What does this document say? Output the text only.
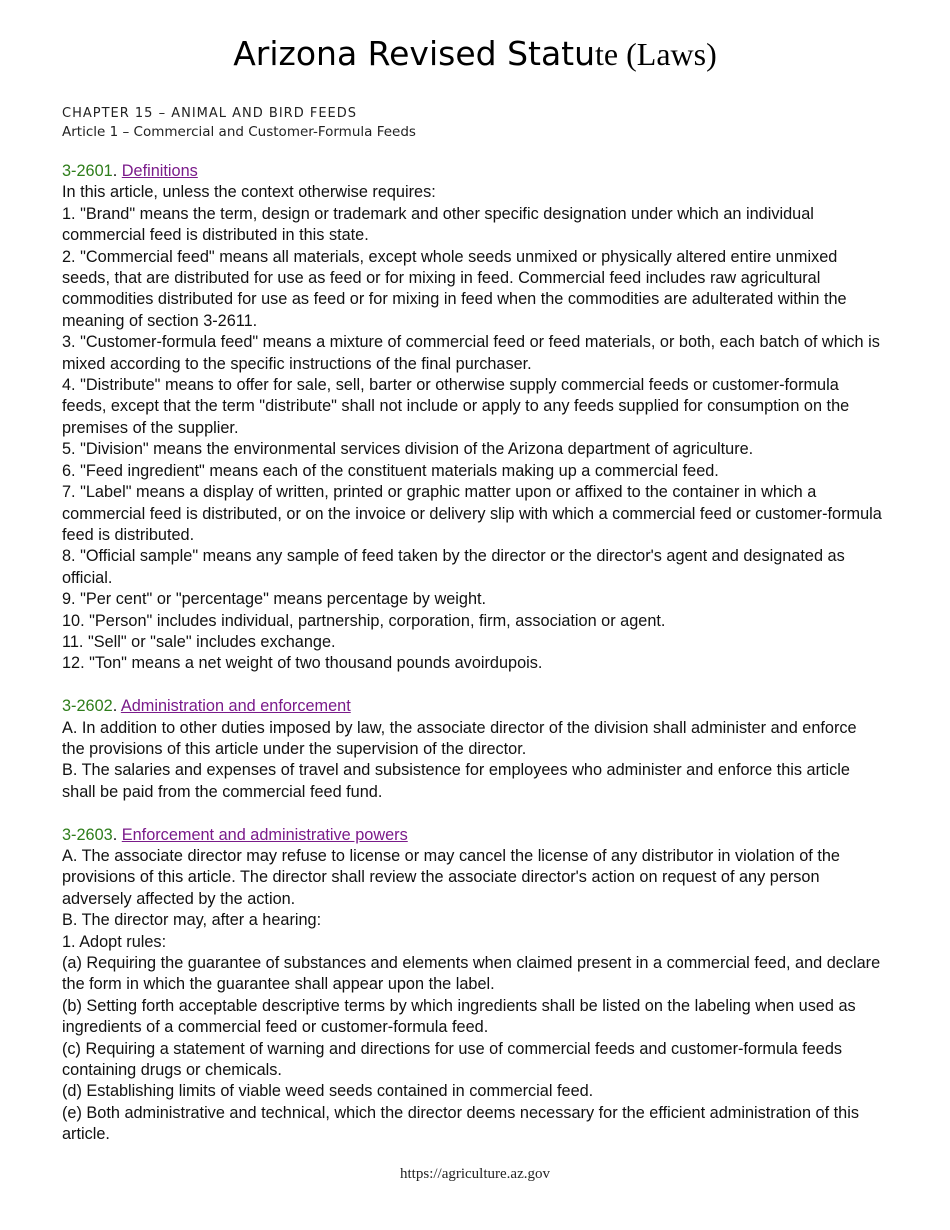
Arizona Revised Statute (Laws)
CHAPTER 15 – ANIMAL AND BIRD FEEDS
Article 1 – Commercial and Customer-Formula Feeds
3-2601. Definitions

In this article, unless the context otherwise requires:

1. "Brand" means the term, design or trademark and other specific designation under which an individual commercial feed is distributed in this state.

2. "Commercial feed" means all materials, except whole seeds unmixed or physically altered entire unmixed seeds, that are distributed for use as feed or for mixing in feed. Commercial feed includes raw agricultural commodities distributed for use as feed or for mixing in feed when the commodities are adulterated within the meaning of section 3-2611.

3. "Customer-formula feed" means a mixture of commercial feed or feed materials, or both, each batch of which is mixed according to the specific instructions of the final purchaser.

4. "Distribute" means to offer for sale, sell, barter or otherwise supply commercial feeds or customer-formula feeds, except that the term "distribute" shall not include or apply to any feeds supplied for consumption on the premises of the supplier.

5. "Division" means the environmental services division of the Arizona department of agriculture.

6. "Feed ingredient" means each of the constituent materials making up a commercial feed.

7. "Label" means a display of written, printed or graphic matter upon or affixed to the container in which a commercial feed is distributed, or on the invoice or delivery slip with which a commercial feed or customer-formula feed is distributed.

8. "Official sample" means any sample of feed taken by the director or the director's agent and designated as official.

9. "Per cent" or "percentage" means percentage by weight.

10. "Person" includes individual, partnership, corporation, firm, association or agent.

11. "Sell" or "sale" includes exchange.

12. "Ton" means a net weight of two thousand pounds avoirdupois.

3-2602. Administration and enforcement

A. In addition to other duties imposed by law, the associate director of the division shall administer and enforce the provisions of this article under the supervision of the director.

B. The salaries and expenses of travel and subsistence for employees who administer and enforce this article shall be paid from the commercial feed fund.

3-2603. Enforcement and administrative powers

A. The associate director may refuse to license or may cancel the license of any distributor in violation of the provisions of this article. The director shall review the associate director's action on request of any person adversely affected by the action.

B. The director may, after a hearing:

1. Adopt rules:

(a) Requiring the guarantee of substances and elements when claimed present in a commercial feed, and declare the form in which the guarantee shall appear upon the label.

(b) Setting forth acceptable descriptive terms by which ingredients shall be listed on the labeling when used as ingredients of a commercial feed or customer-formula feed.

(c) Requiring a statement of warning and directions for use of commercial feeds and customer-formula feeds containing drugs or chemicals.

(d) Establishing limits of viable weed seeds contained in commercial feed.

(e) Both administrative and technical, which the director deems necessary for the efficient administration of this article.

https://agriculture.az.gov
